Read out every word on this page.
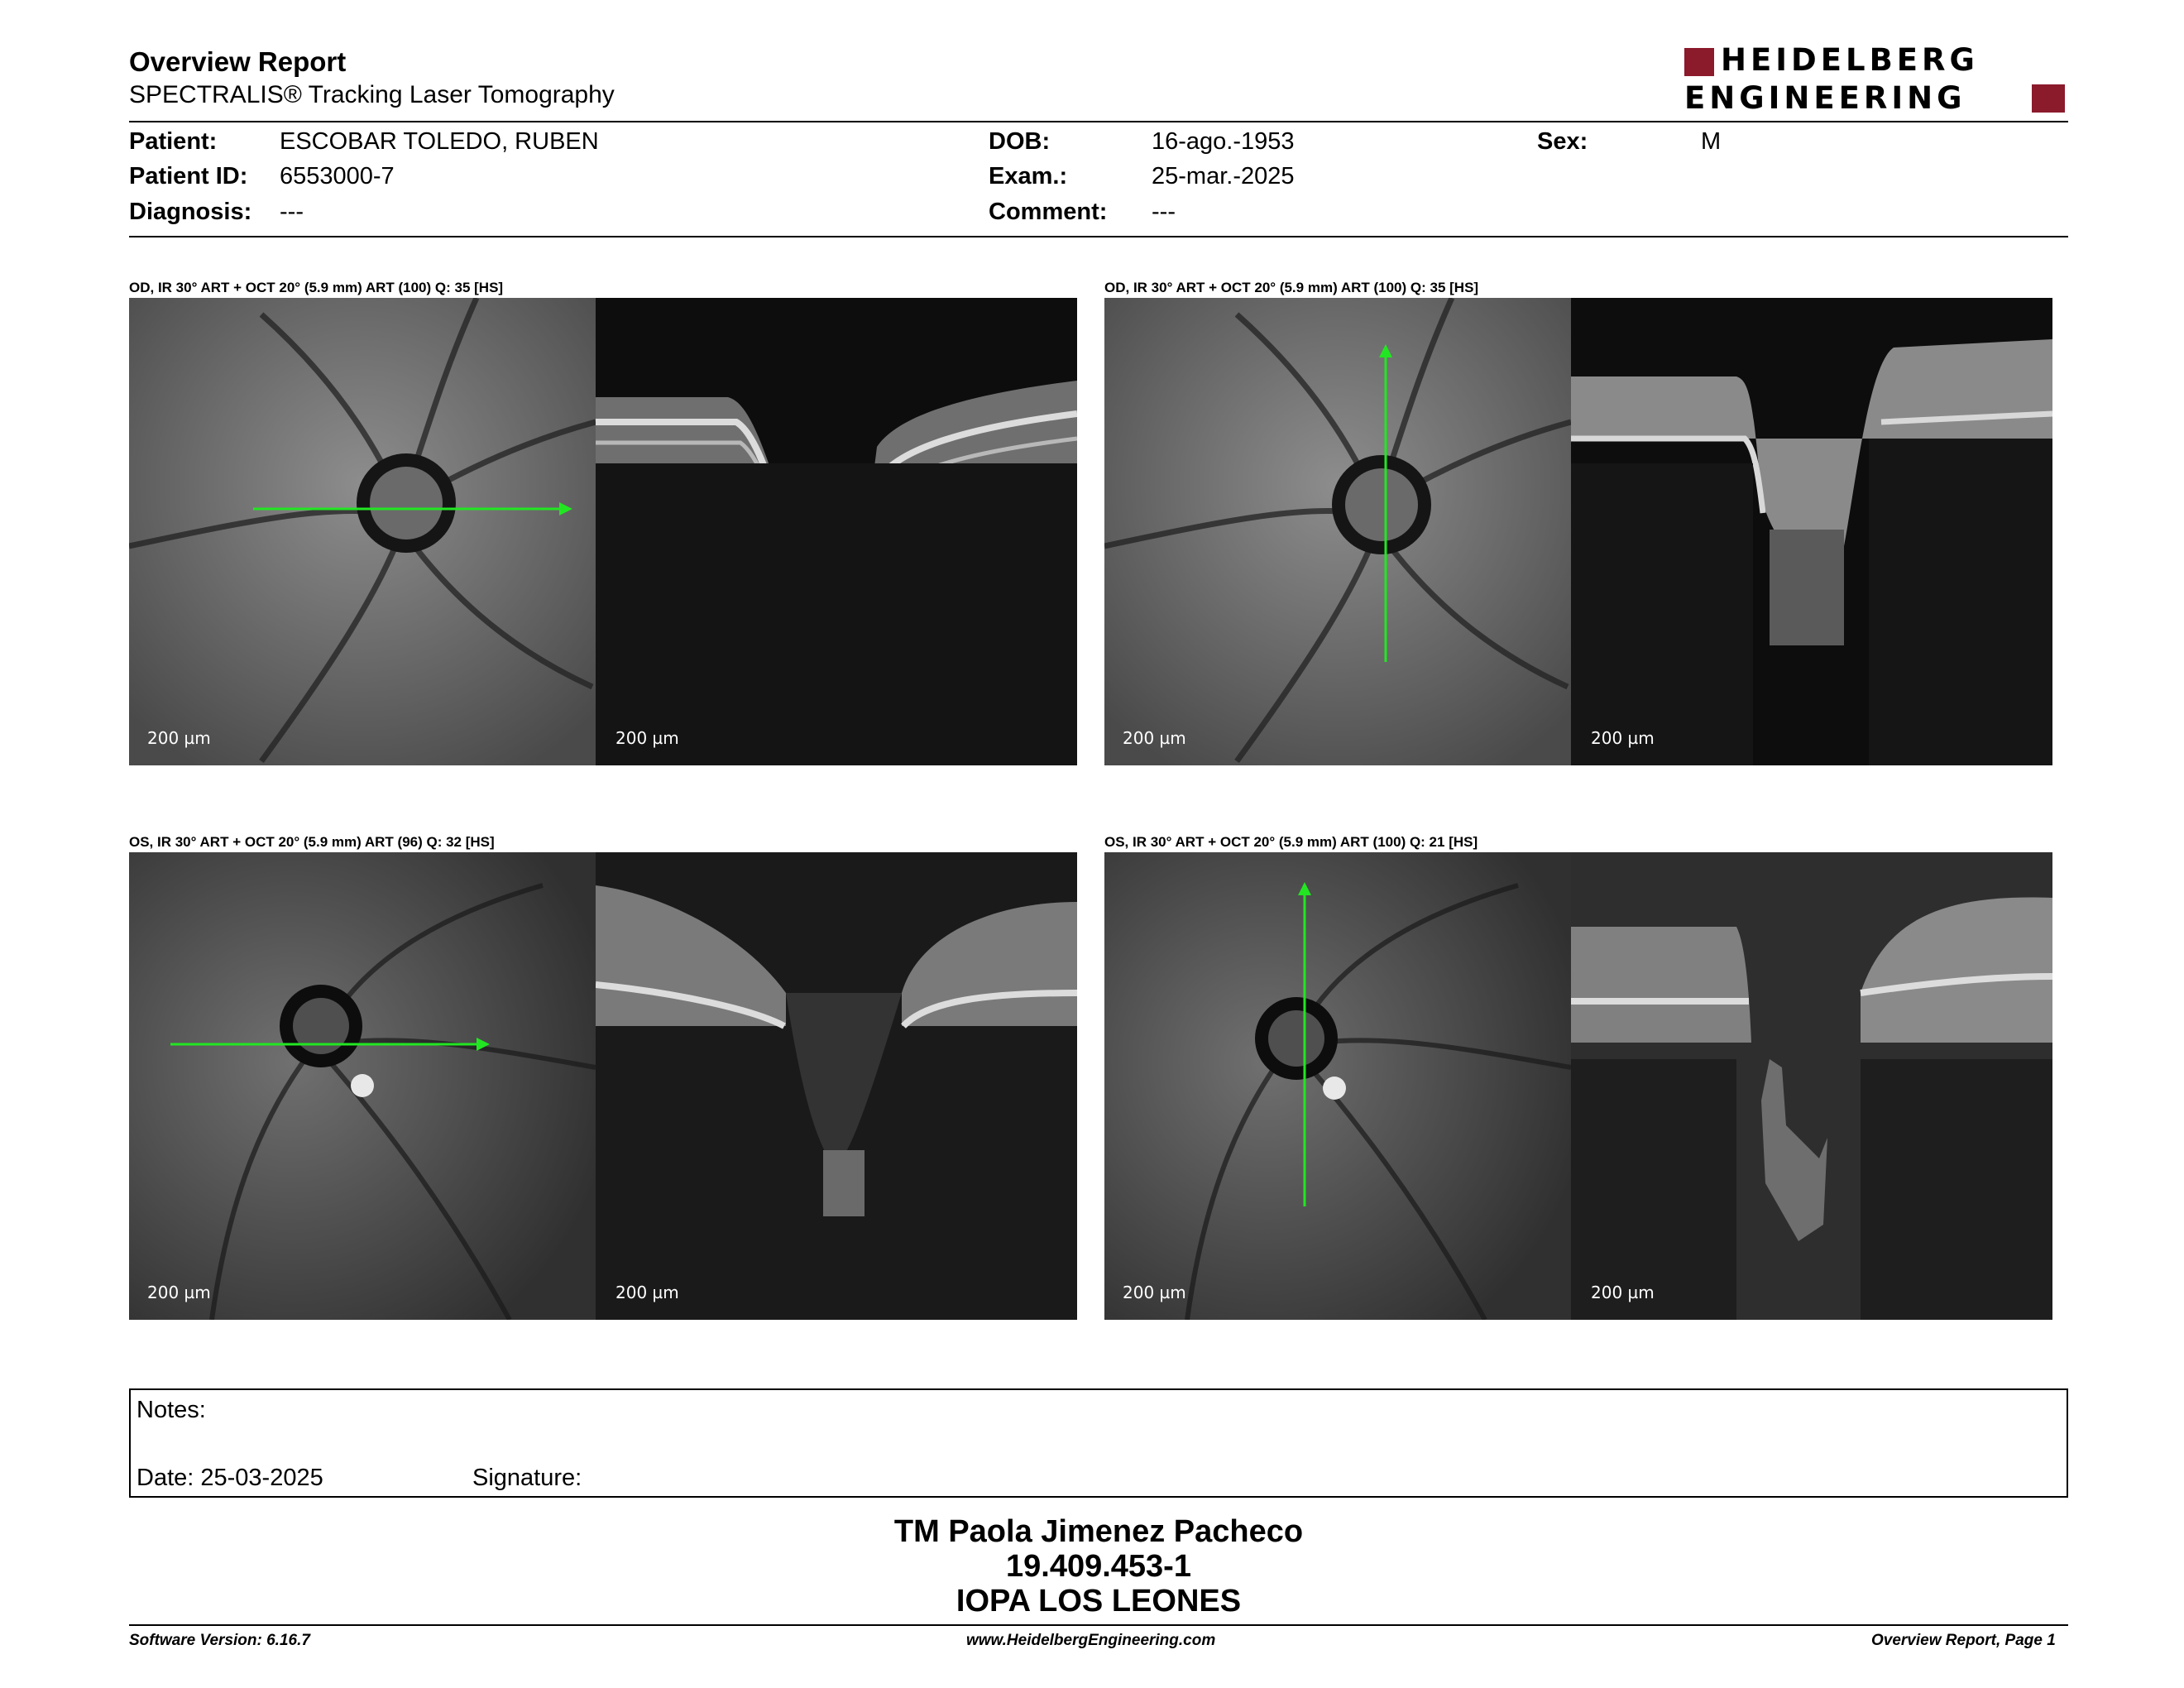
Overview Report
SPECTRALIS® Tracking Laser Tomography
HEIDELBERG
ENGINEERING
Patient:	ESCOBAR TOLEDO, RUBEN
Patient ID: 6553000-7
Diagnosis: ---
DOB:	16-ago.-1953
Exam.:	25-mar.-2025
Comment: ---
Sex:	M
OD, IR 30° ART + OCT 20° (5.9 mm) ART (100) Q: 35 [HS]
200 µm	200 µm
OD, IR 30° ART + OCT 20° (5.9 mm) ART (100) Q: 35 [HS]
200 µm	200 µm
OS, IR 30° ART + OCT 20° (5.9 mm) ART (96) Q: 32 [HS]
200 µm	200 µm
OS, IR 30° ART + OCT 20° (5.9 mm) ART (100) Q: 21 [HS]
200 µm	200 µm
Notes:
Date: 25-03-2025	Signature:
TM Paola Jimenez Pacheco
19.409.453-1
IOPA LOS LEONES
Software Version: 6.16.7	www.HeidelbergEngineering.com	Overview Report, Page 1
